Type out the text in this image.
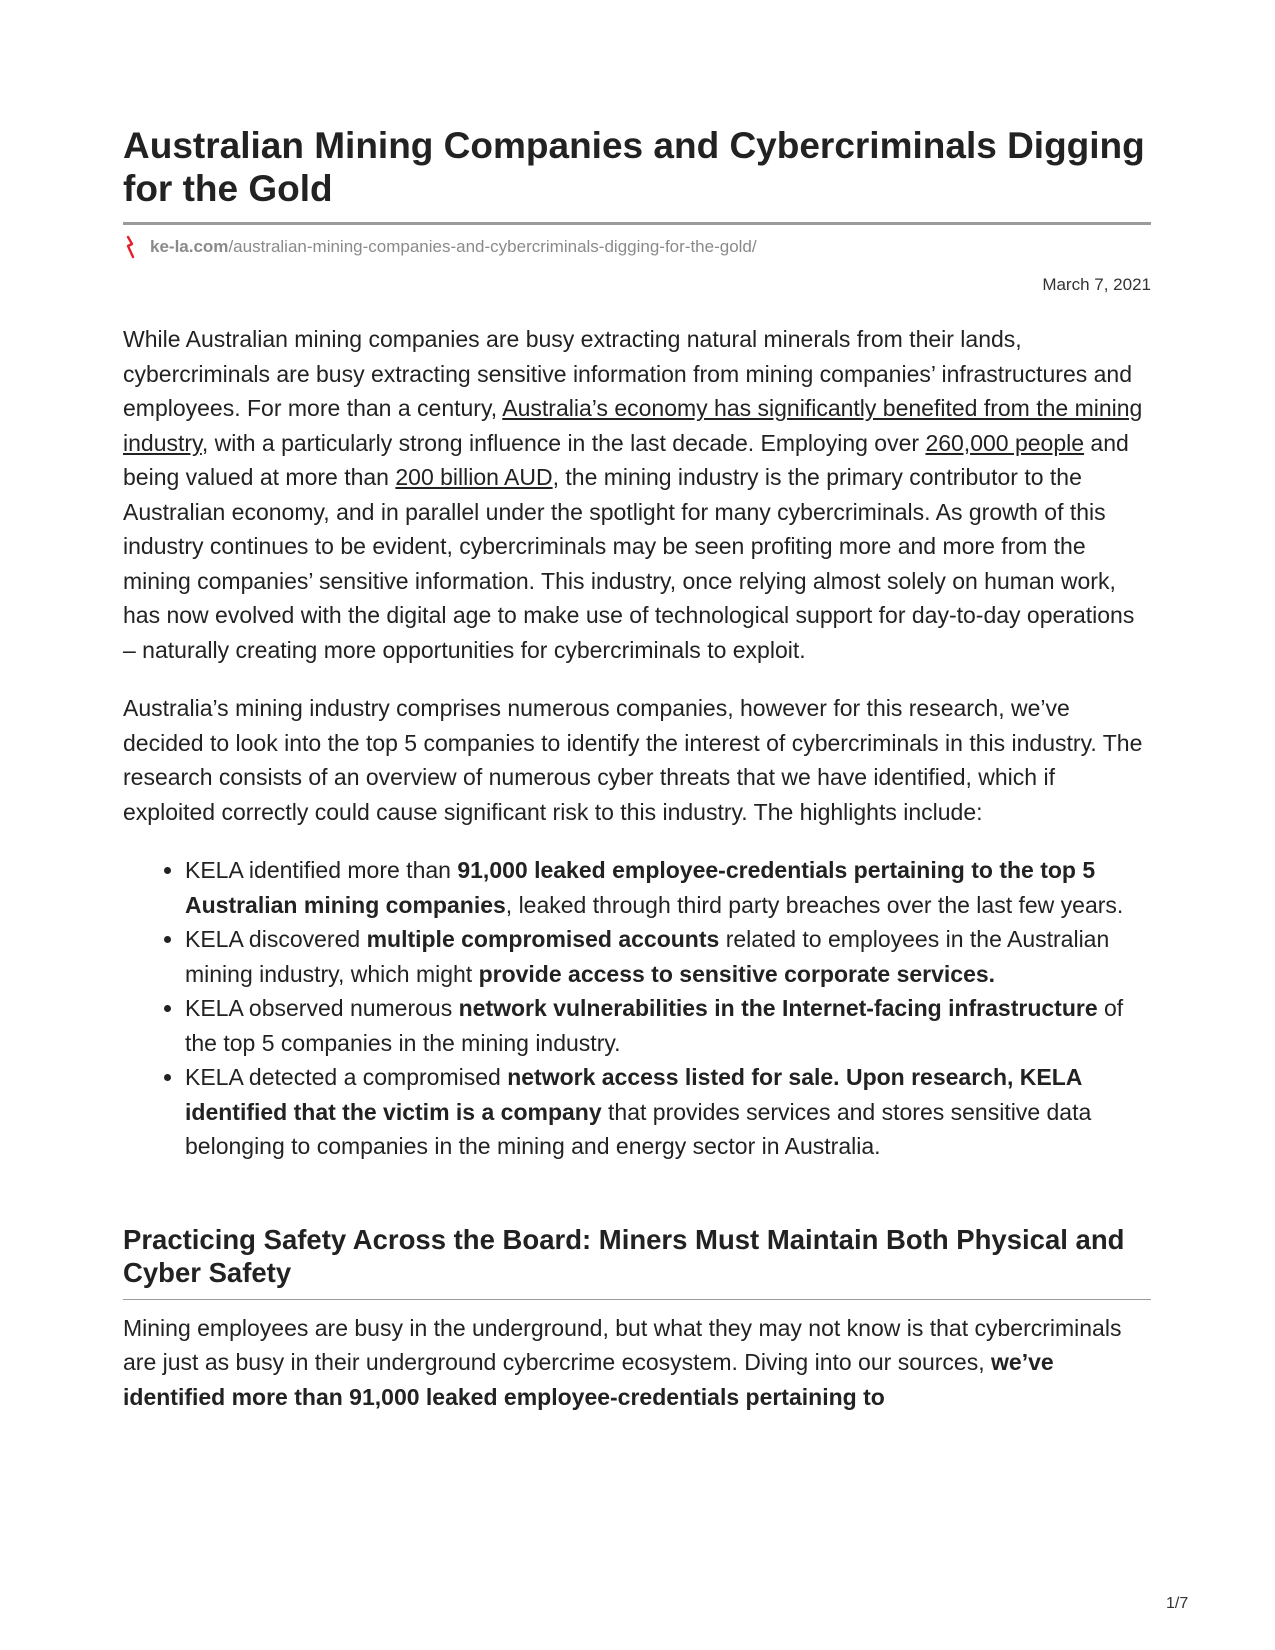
Australian Mining Companies and Cybercriminals Digging for the Gold
ke-la.com /australian-mining-companies-and-cybercriminals-digging-for-the-gold/
March 7, 2021

While Australian mining companies are busy extracting natural minerals from their lands, cybercriminals are busy extracting sensitive information from mining companies’ infrastructures and employees. For more than a century, Australia’s economy has significantly benefited from the mining industry, with a particularly strong influence in the last decade. Employing over 260,000 people and being valued at more than 200 billion AUD, the mining industry is the primary contributor to the Australian economy, and in parallel under the spotlight for many cybercriminals. As growth of this industry continues to be evident, cybercriminals may be seen profiting more and more from the mining companies’ sensitive information. This industry, once relying almost solely on human work, has now evolved with the digital age to make use of technological support for day-to-day operations – naturally creating more opportunities for cybercriminals to exploit.

Australia’s mining industry comprises numerous companies, however for this research, we’ve decided to look into the top 5 companies to identify the interest of cybercriminals in this industry. The research consists of an overview of numerous cyber threats that we have identified, which if exploited correctly could cause significant risk to this industry. The highlights include:

• KELA identified more than 91,000 leaked employee-credentials pertaining to the top 5 Australian mining companies, leaked through third party breaches over the last few years.
• KELA discovered multiple compromised accounts related to employees in the Australian mining industry, which might provide access to sensitive corporate services.
• KELA observed numerous network vulnerabilities in the Internet-facing infrastructure of the top 5 companies in the mining industry.
• KELA detected a compromised network access listed for sale. Upon research, KELA identified that the victim is a company that provides services and stores sensitive data belonging to companies in the mining and energy sector in Australia.
Practicing Safety Across the Board: Miners Must Maintain Both Physical and Cyber Safety

Mining employees are busy in the underground, but what they may not know is that cybercriminals are just as busy in their underground cybercrime ecosystem. Diving into our sources, we’ve identified more than 91,000 leaked employee-credentials pertaining to

1/7
